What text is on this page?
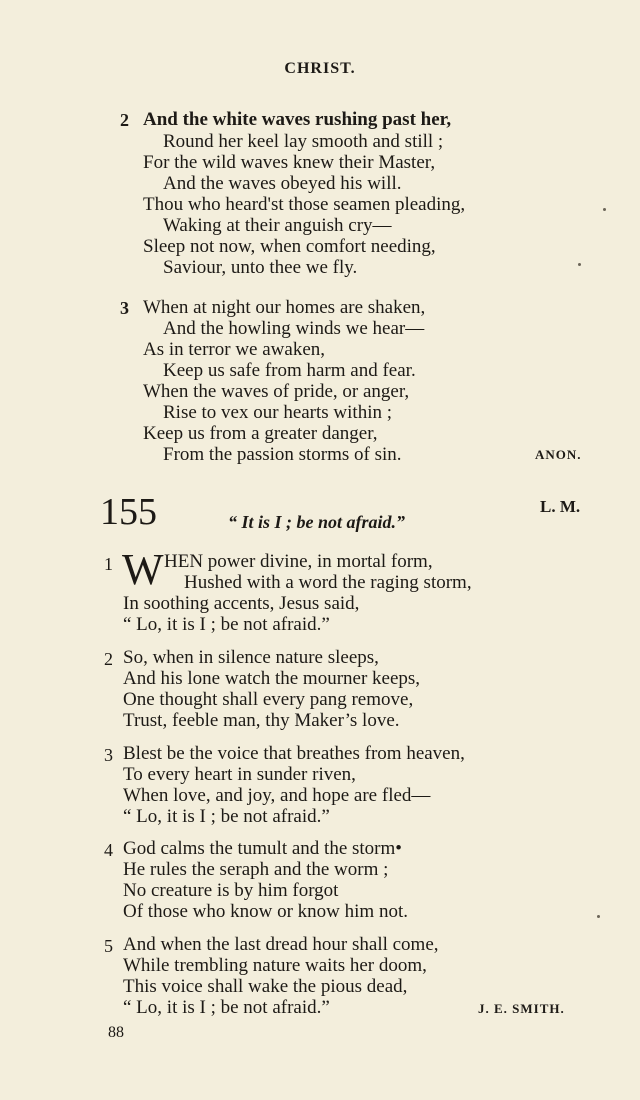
CHRIST.
2 And the white waves rushing past her,
Round her keel lay smooth and still ;
For the wild waves knew their Master,
And the waves obeyed his will.
Thou who heard'st those seamen pleading,
Waking at their anguish cry—
Sleep not now, when comfort needing,
Saviour, unto thee we fly.
3 When at night our homes are shaken,
And the howling winds we hear—
As in terror we awaken,
Keep us safe from harm and fear.
When the waves of pride, or anger,
Rise to vex our hearts within ;
Keep us from a greater danger,
From the passion storms of sin.	ANON.
155	“ It is I ; be not afraid.”
L. M.
1 W HEN power divine, in mortal form,
Hushed with a word the raging storm,
In soothing accents, Jesus said,
“ Lo, it is I ; be not afraid.”
2 So, when in silence nature sleeps,
And his lone watch the mourner keeps,
One thought shall every pang remove,
Trust, feeble man, thy Maker’s love.
3 Blest be the voice that breathes from heaven,
To every heart in sunder riven,
When love, and joy, and hope are fled—
“ Lo, it is I ; be not afraid.”
4 God calms the tumult and the storm•
He rules the seraph and the worm ;
No creature is by him forgot
Of those who know or know him not.
5 And when the last dread hour shall come,
While trembling nature waits her doom,
This voice shall wake the pious dead,
“ Lo, it is I ; be not afraid.”	J. E. SMITH.
88
